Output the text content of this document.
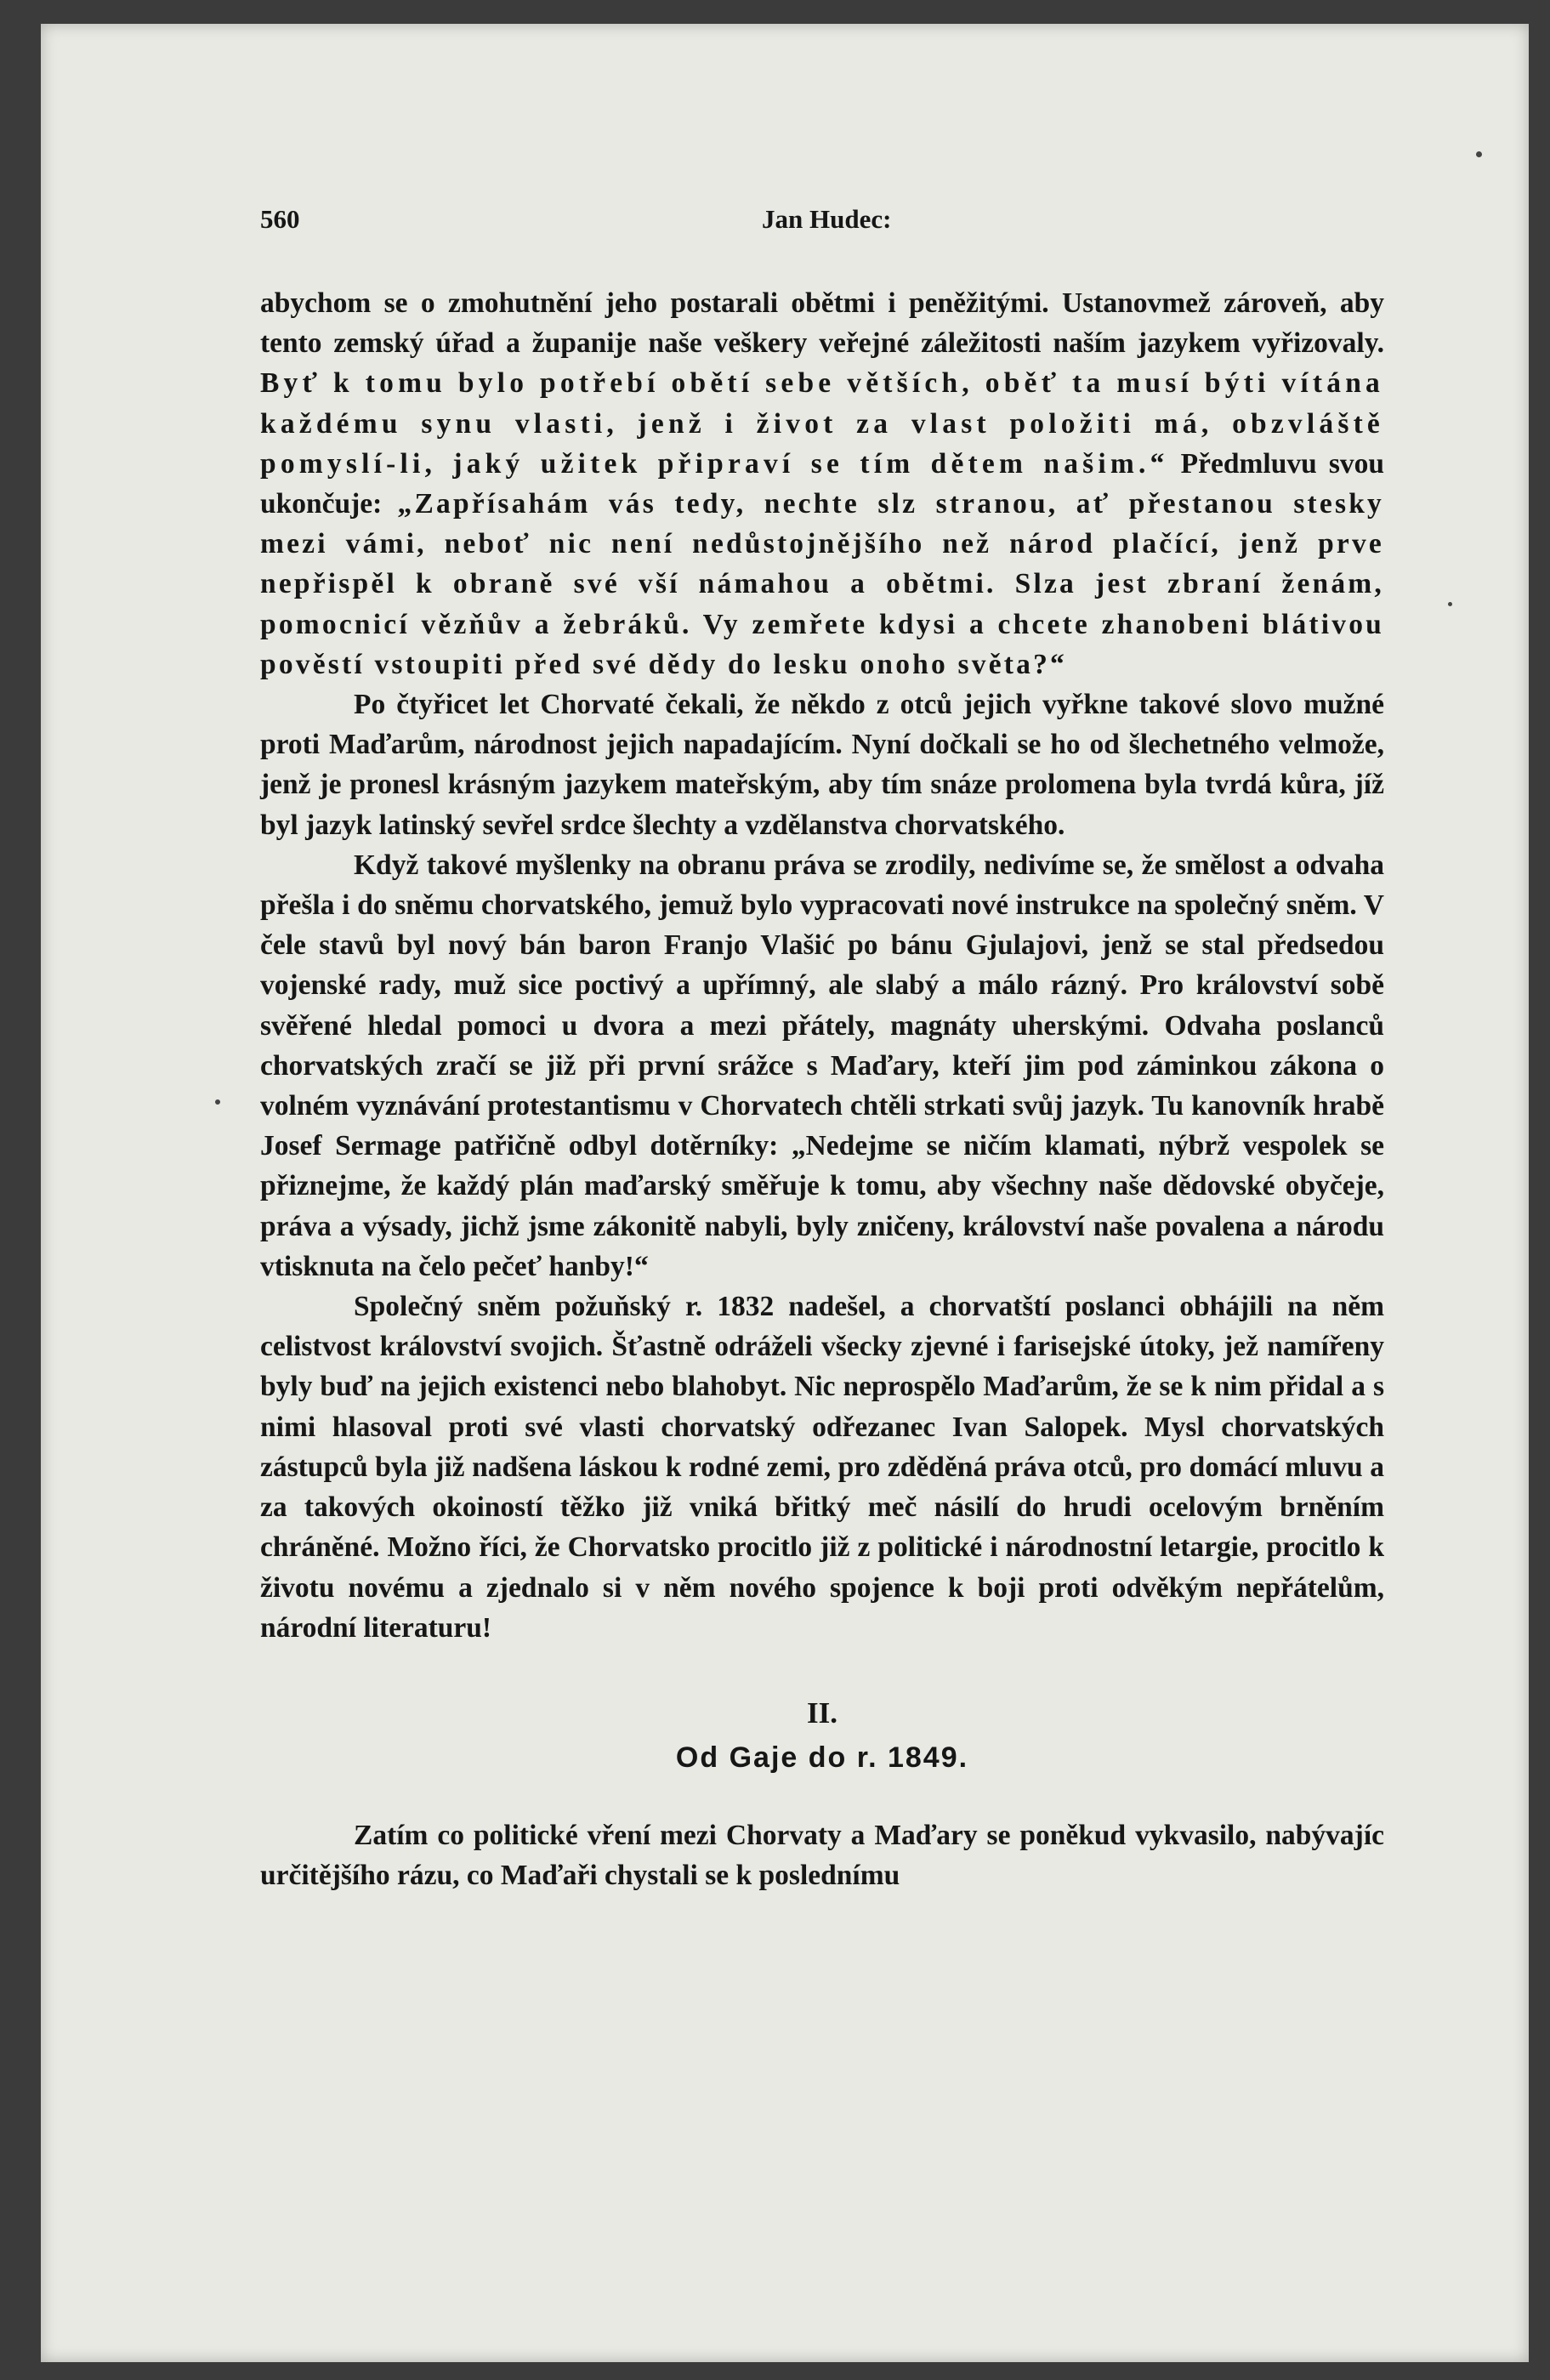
560	Jan Hudec:

abychom se o zmohutnění jeho postarali obětmi i peněžitými. Ustanovmež zároveň, aby tento zemský úřad a županije naše veškery veřejné záležitosti naším jazykem vyřizovaly. Byť k tomu bylo potřebí obětí sebe větších, oběť ta musí býti vítána každému synu vlasti, jenž i život za vlast položiti má, obzvláště pomyslí-li, jaký užitek připraví se tím dětem našim.“ Předmluvu svou ukončuje: „Zapřísahám vás tedy, nechte slz stranou, ať přestanou stesky mezi vámi, neboť nic není nedůstojnějšího než národ plačící, jenž prve nepřispěl k obraně své vší námahou a obětmi. Slza jest zbraní ženám, pomocnicí vězňův a žebráků. Vy zemřete kdysi a chcete zhanobeni blátivou pověstí vstoupiti před své dědy do lesku onoho světa?“

Po čtyřicet let Chorvaté čekali, že někdo z otců jejich vyřkne takové slovo mužné proti Maďarům, národnost jejich napadajícím. Nyní dočkali se ho od šlechetného velmože, jenž je pronesl krásným jazykem mateřským, aby tím snáze prolomena byla tvrdá kůra, jíž byl jazyk latinský sevřel srdce šlechty a vzdělanstva chorvatského.

Když takové myšlenky na obranu práva se zrodily, nedivíme se, že smělost a odvaha přešla i do sněmu chorvatského, jemuž bylo vypracovati nové instrukce na společný sněm. V čele stavů byl nový bán baron Franjo Vlašić po bánu Gjulajovi, jenž se stal předsedou vojenské rady, muž sice poctivý a upřímný, ale slabý a málo rázný. Pro království sobě svěřené hledal pomoci u dvora a mezi přátely, magnáty uherskými. Odvaha poslanců chorvatských zračí se již při první srážce s Maďary, kteří jim pod záminkou zákona o volném vyznávání protestantismu v Chorvatech chtěli strkati svůj jazyk. Tu kanovník hrabě Josef Sermage patřičně odbyl dotěrníky: „Nedejme se ničím klamati, nýbrž vespolek se přiznejme, že každý plán maďarský směřuje k tomu, aby všechny naše dědovské obyčeje, práva a výsady, jichž jsme zákonitě nabyli, byly zničeny, království naše povalena a národu vtisknuta na čelo pečeť hanby!“

Společný sněm požuňský r. 1832 nadešel, a chorvatští poslanci obhájili na něm celistvost království svojich. Šťastně odráželi všecky zjevné i farisejské útoky, jež namířeny byly buď na jejich existenci nebo blahobyt. Nic neprospělo Maďarům, že se k nim přidal a s nimi hlasoval proti své vlasti chorvatský odřezanec Ivan Salopek. Mysl chorvatských zástupců byla již nadšena láskou k rodné zemi, pro zděděná práva otců, pro domácí mluvu a za takových okoiností těžko již vniká břitký meč násilí do hrudi ocelovým brněním chráněné. Možno říci, že Chorvatsko procitlo již z politické i národnostní letargie, procitlo k životu novému a zjednalo si v něm nového spojence k boji proti odvěkým nepřátelům, národní literaturu!

II.
Od Gaje do r. 1849.

Zatím co politické vření mezi Chorvaty a Maďary se poněkud vykvasilo, nabývajíc určitějšího rázu, co Maďaři chystali se k poslednímu
